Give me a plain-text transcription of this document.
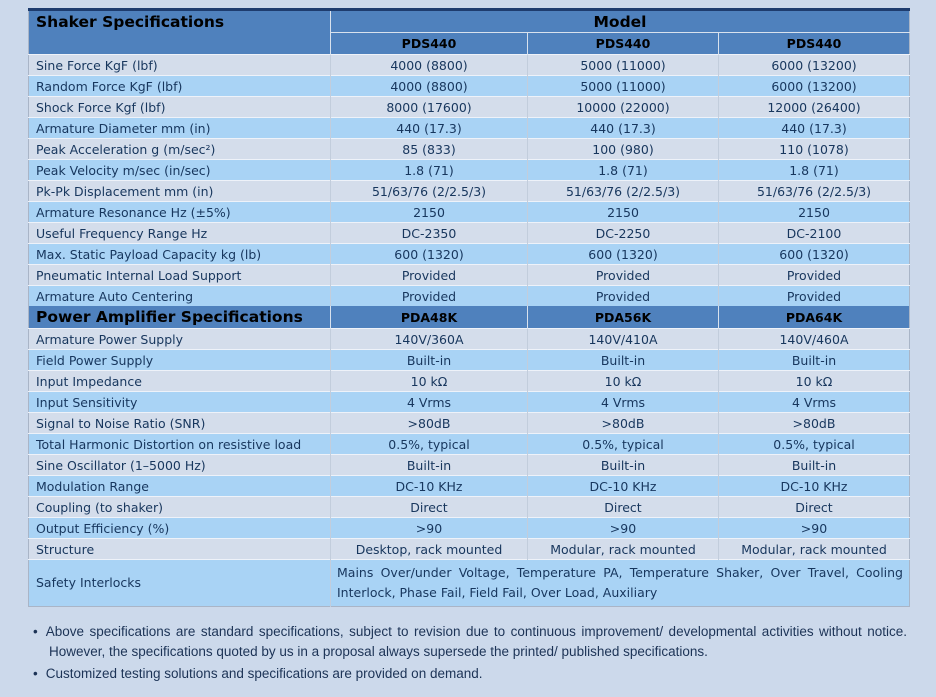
Shaker Specifications	Model		
	PDS440	PDS440	PDS440
Sine Force KgF (lbf)	4000 (8800)	5000 (11000)	6000 (13200)
Random Force KgF (lbf)	4000 (8800)	5000 (11000)	6000 (13200)
Shock Force Kgf (lbf)	8000 (17600)	10000 (22000)	12000 (26400)
Armature Diameter mm (in)	440 (17.3)	440 (17.3)	440 (17.3)
Peak Acceleration g (m/sec²)	85 (833)	100 (980)	110 (1078)
Peak Velocity m/sec (in/sec)	1.8 (71)	1.8 (71)	1.8 (71)
Pk-Pk Displacement mm (in)	51/63/76 (2/2.5/3)	51/63/76 (2/2.5/3)	51/63/76 (2/2.5/3)
Armature Resonance Hz (±5%)	2150	2150	2150
Useful Frequency Range Hz	DC-2350	DC-2250	DC-2100
Max. Static Payload Capacity kg (lb)	600 (1320)	600 (1320)	600 (1320)
Pneumatic Internal Load Support	Provided	Provided	Provided
Armature Auto Centering	Provided	Provided	Provided
Power Amplifier Specifications	PDA48K	PDA56K	PDA64K
Armature Power Supply	140V/360A	140V/410A	140V/460A
Field Power Supply	Built-in	Built-in	Built-in
Input Impedance	10 kΩ	10 kΩ	10 kΩ
Input Sensitivity	4 Vrms	4 Vrms	4 Vrms
Signal to Noise Ratio (SNR)	>80dB	>80dB	>80dB
Total Harmonic Distortion on resistive load	0.5%, typical	0.5%, typical	0.5%, typical
Sine Oscillator (1–5000 Hz)	Built-in	Built-in	Built-in
Modulation Range	DC-10 KHz	DC-10 KHz	DC-10 KHz
Coupling (to shaker)	Direct	Direct	Direct
Output Efficiency (%)	>90	>90	>90
Structure	Desktop, rack mounted	Modular, rack mounted	Modular, rack mounted
Safety Interlocks	Mains Over/under Voltage, Temperature PA, Temperature Shaker, Over Travel, Cooling Interlock, Phase Fail, Field Fail, Over Load, Auxiliary		
• Above specifications are standard specifications, subject to revision due to continuous improvement/ developmental activities without notice. However, the specifications quoted by us in a proposal always supersede the printed/ published specifications.
• Customized testing solutions and specifications are provided on demand.
